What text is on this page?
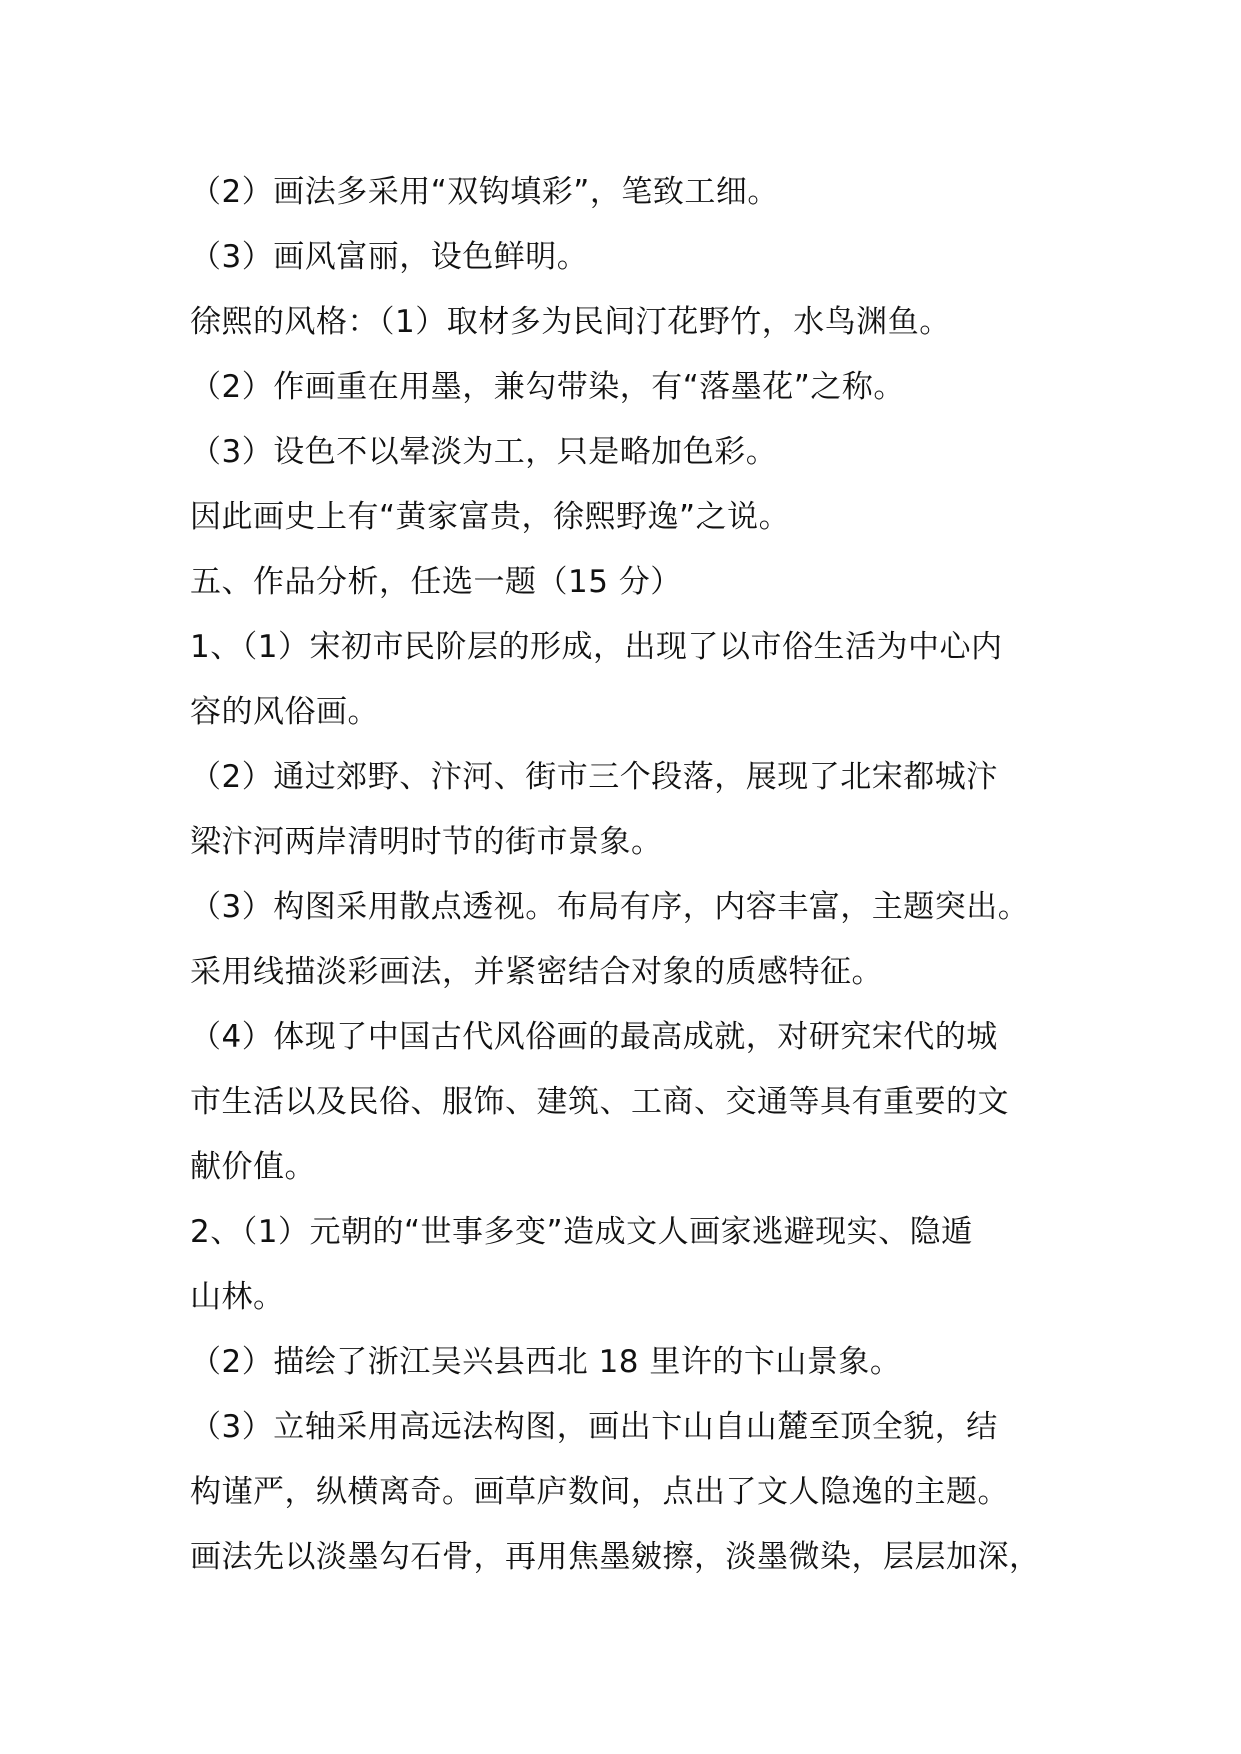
（2）画法多采用“双钩填彩”，笔致工细。
（3）画风富丽，设色鲜明。
徐熙的风格：（1）取材多为民间汀花野竹，水鸟渊鱼。
（2）作画重在用墨，兼勾带染，有“落墨花”之称。
（3）设色不以晕淡为工，只是略加色彩。
因此画史上有“黄家富贵，徐熙野逸”之说。
五、作品分析，任选一题（15 分）
1、（1）宋初市民阶层的形成，出现了以市俗生活为中心内
容的风俗画。
（2）通过郊野、汴河、街市三个段落，展现了北宋都城汴
梁汴河两岸清明时节的街市景象。
（3）构图采用散点透视。布局有序，内容丰富，主题突出。
采用线描淡彩画法，并紧密结合对象的质感特征。
（4）体现了中国古代风俗画的最高成就，对研究宋代的城
市生活以及民俗、服饰、建筑、工商、交通等具有重要的文
献价值。
2、（1）元朝的“世事多变”造成文人画家逃避现实、隐遁
山林。
（2）描绘了浙江吴兴县西北 18 里许的卞山景象。
（3）立轴采用高远法构图，画出卞山自山麓至顶全貌，结
构谨严，纵横离奇。画草庐数间，点出了文人隐逸的主题。
画法先以淡墨勾石骨，再用焦墨皴擦，淡墨微染，层层加深，
